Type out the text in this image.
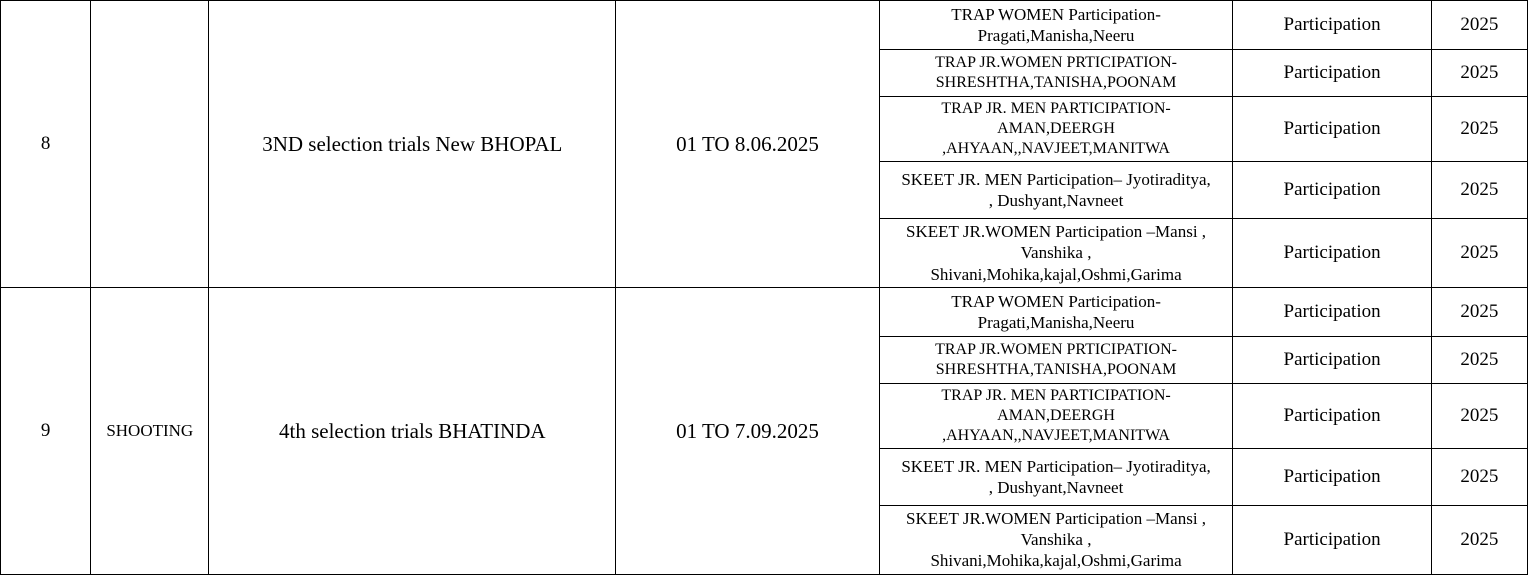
8		3ND selection trials New BHOPAL	01 TO 8.06.2025	TRAP WOMEN Participation-
Pragati,Manisha,Neeru	Participation	2025
				TRAP JR.WOMEN PRTICIPATION-
SHRESHTHA,TANISHA,POONAM	Participation	2025
				TRAP JR. MEN PARTICIPATION-
AMAN,DEERGH
,AHYAAN,,NAVJEET,MANITWA	Participation	2025
				SKEET JR. MEN Participation– Jyotiraditya,
, Dushyant,Navneet	Participation	2025
				SKEET JR.WOMEN Participation –Mansi ,
Vanshika ,
Shivani,Mohika,kajal,Oshmi,Garima	Participation	2025
9	SHOOTING	4th selection trials BHATINDA	01 TO 7.09.2025	TRAP WOMEN Participation-
Pragati,Manisha,Neeru	Participation	2025
				TRAP JR.WOMEN PRTICIPATION-
SHRESHTHA,TANISHA,POONAM	Participation	2025
				TRAP JR. MEN PARTICIPATION-
AMAN,DEERGH
,AHYAAN,,NAVJEET,MANITWA	Participation	2025
				SKEET JR. MEN Participation– Jyotiraditya,
, Dushyant,Navneet	Participation	2025
				SKEET JR.WOMEN Participation –Mansi ,
Vanshika ,
Shivani,Mohika,kajal,Oshmi,Garima	Participation	2025
